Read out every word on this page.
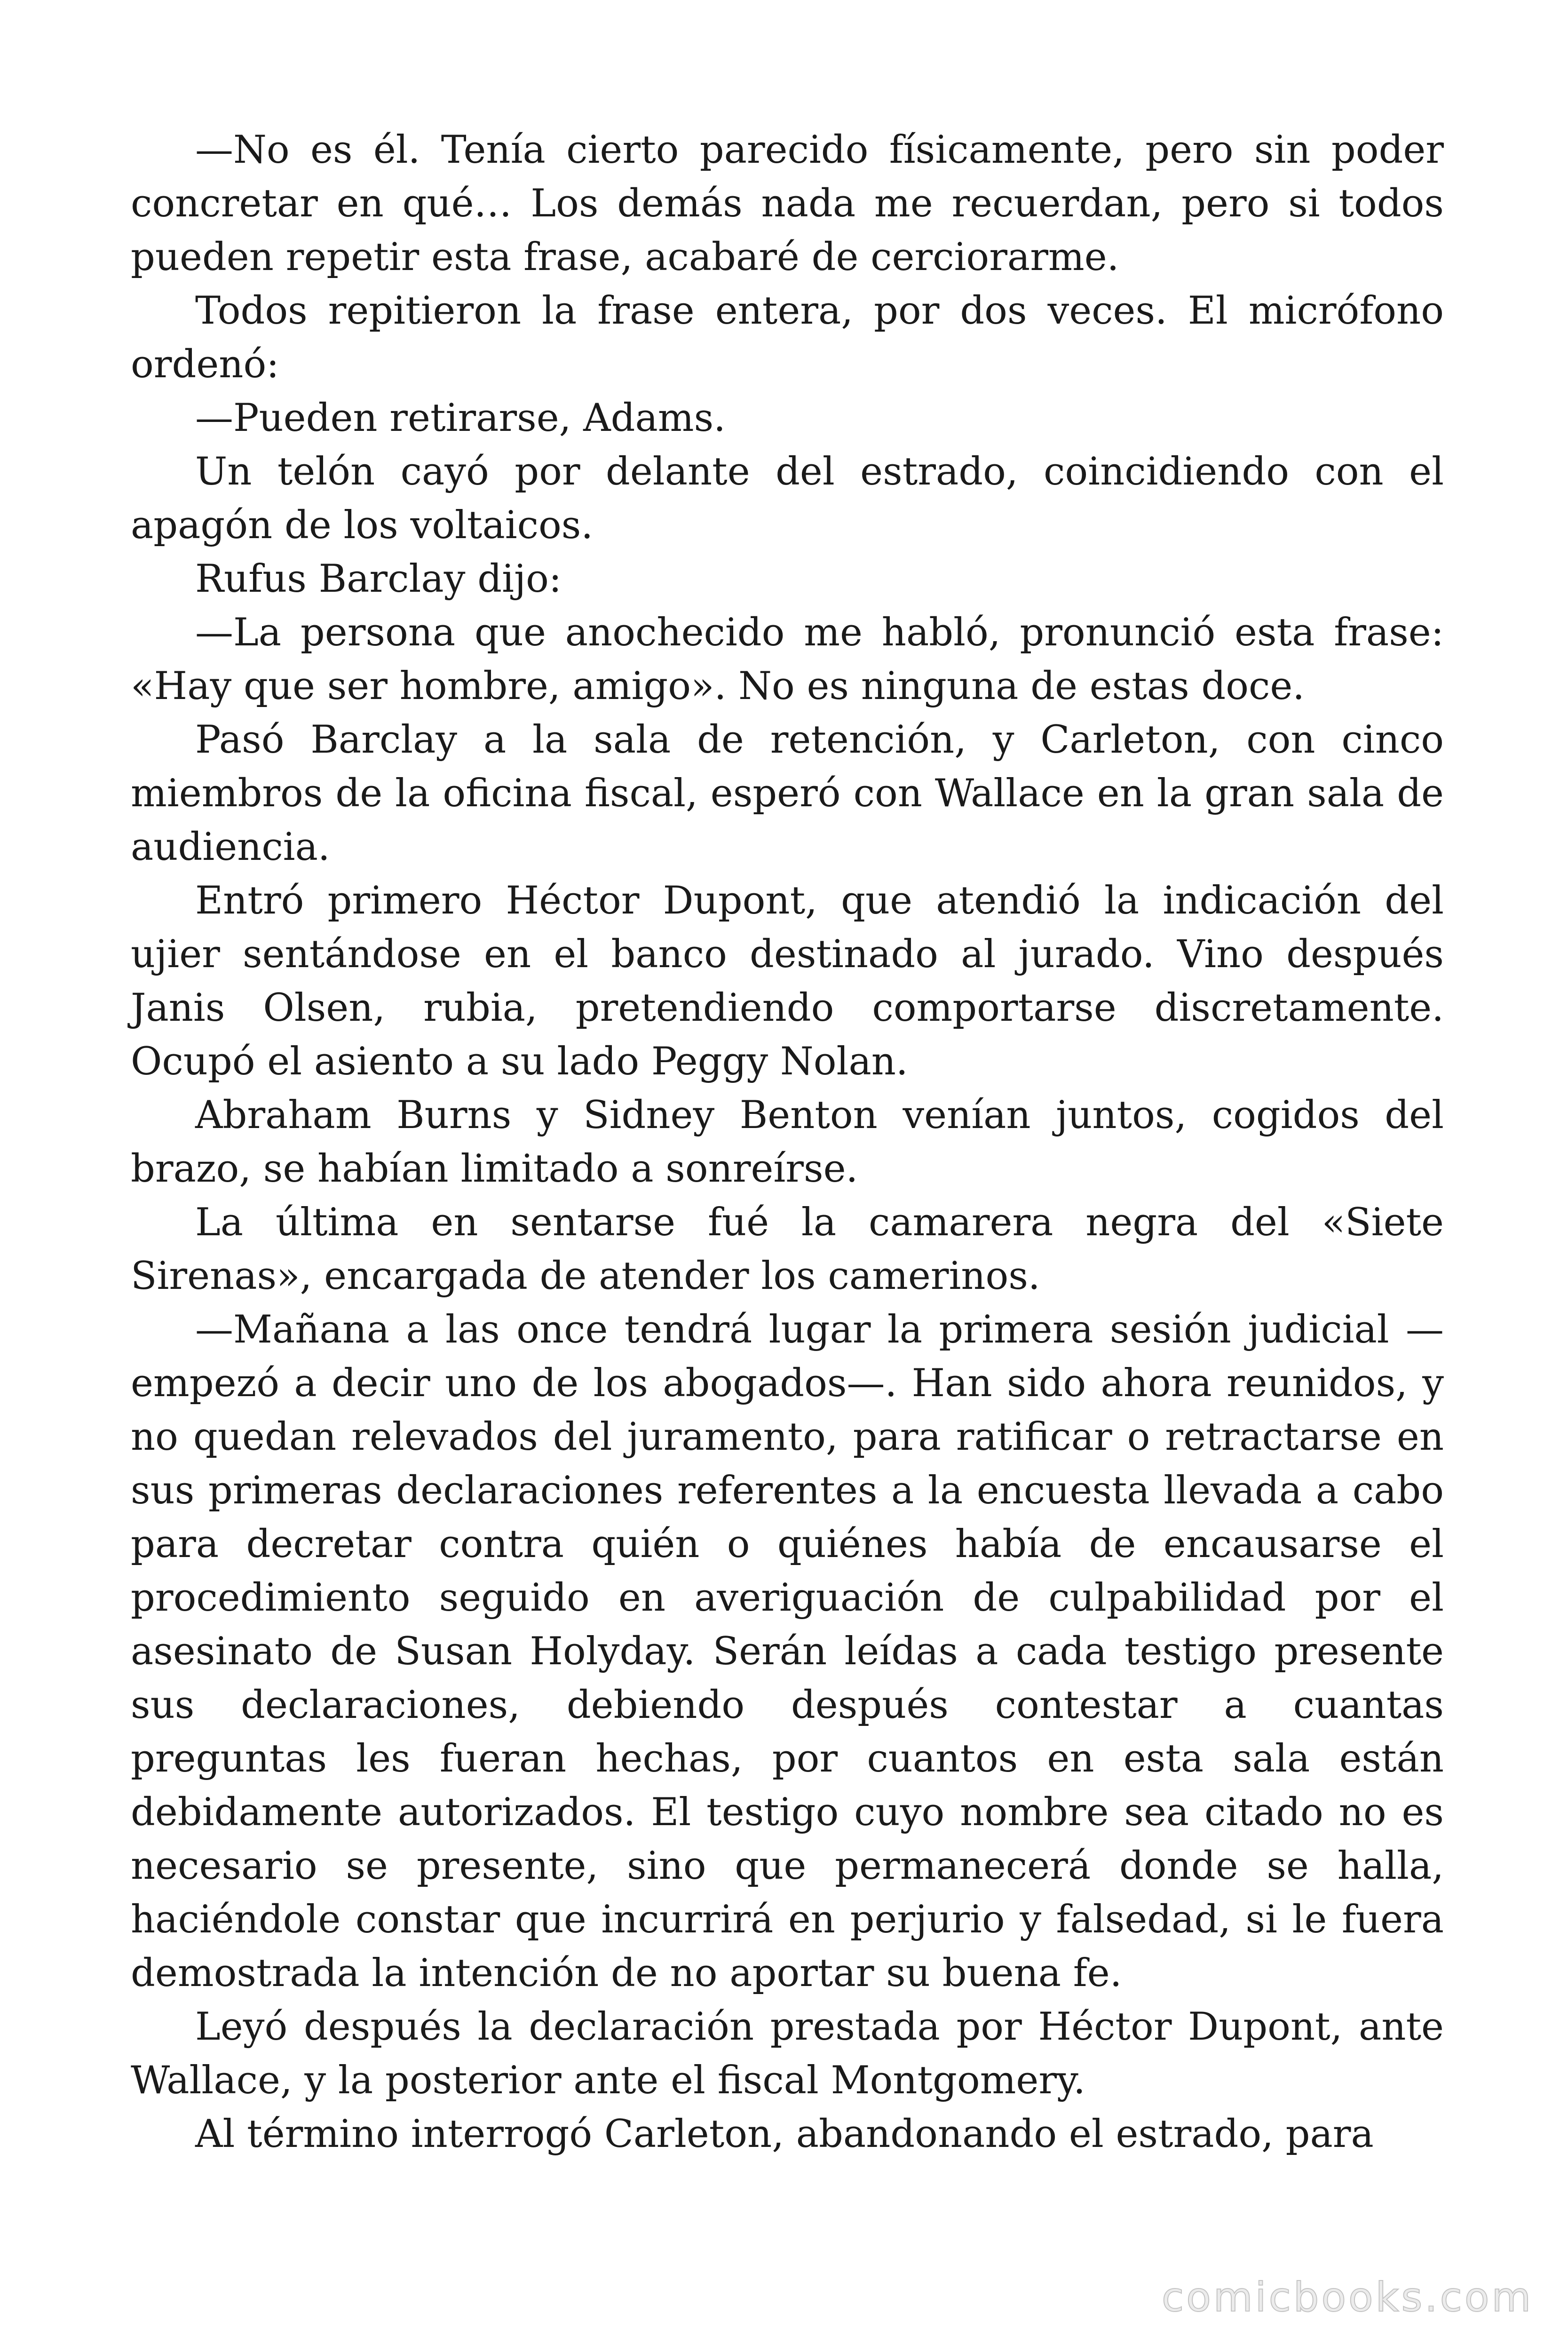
—No es él. Tenía cierto parecido físicamente, pero sin poder concretar en qué… Los demás nada me recuerdan, pero si todos pueden repetir esta frase, acabaré de cerciorarme.

Todos repitieron la frase entera, por dos veces. El micrófono ordenó:

—Pueden retirarse, Adams.

Un telón cayó por delante del estrado, coincidiendo con el apagón de los voltaicos.

Rufus Barclay dijo:

—La persona que anochecido me habló, pronunció esta frase: «Hay que ser hombre, amigo». No es ninguna de estas doce.

Pasó Barclay a la sala de retención, y Carleton, con cinco miembros de la oficina fiscal, esperó con Wallace en la gran sala de audiencia.

Entró primero Héctor Dupont, que atendió la indicación del ujier sentándose en el banco destinado al jurado. Vino después Janis Olsen, rubia, pretendiendo comportarse discretamente. Ocupó el asiento a su lado Peggy Nolan.

Abraham Burns y Sidney Benton venían juntos, cogidos del brazo, se habían limitado a sonreírse.

La última en sentarse fué la camarera negra del «Siete Sirenas», encargada de atender los camerinos.

—Mañana a las once tendrá lugar la primera sesión judicial — empezó a decir uno de los abogados—. Han sido ahora reunidos, y no quedan relevados del juramento, para ratificar o retractarse en sus primeras declaraciones referentes a la encuesta llevada a cabo para decretar contra quién o quiénes había de encausarse el procedimiento seguido en averiguación de culpabilidad por el asesinato de Susan Holyday. Serán leídas a cada testigo presente sus declaraciones, debiendo después contestar a cuantas preguntas les fueran hechas, por cuantos en esta sala están debidamente autorizados. El testigo cuyo nombre sea citado no es necesario se presente, sino que permanecerá donde se halla, haciéndole constar que incurrirá en perjurio y falsedad, si le fuera demostrada la intención de no aportar su buena fe.

Leyó después la declaración prestada por Héctor Dupont, ante Wallace, y la posterior ante el fiscal Montgomery.

Al término interrogó Carleton, abandonando el estrado, para

comicbooks.com
